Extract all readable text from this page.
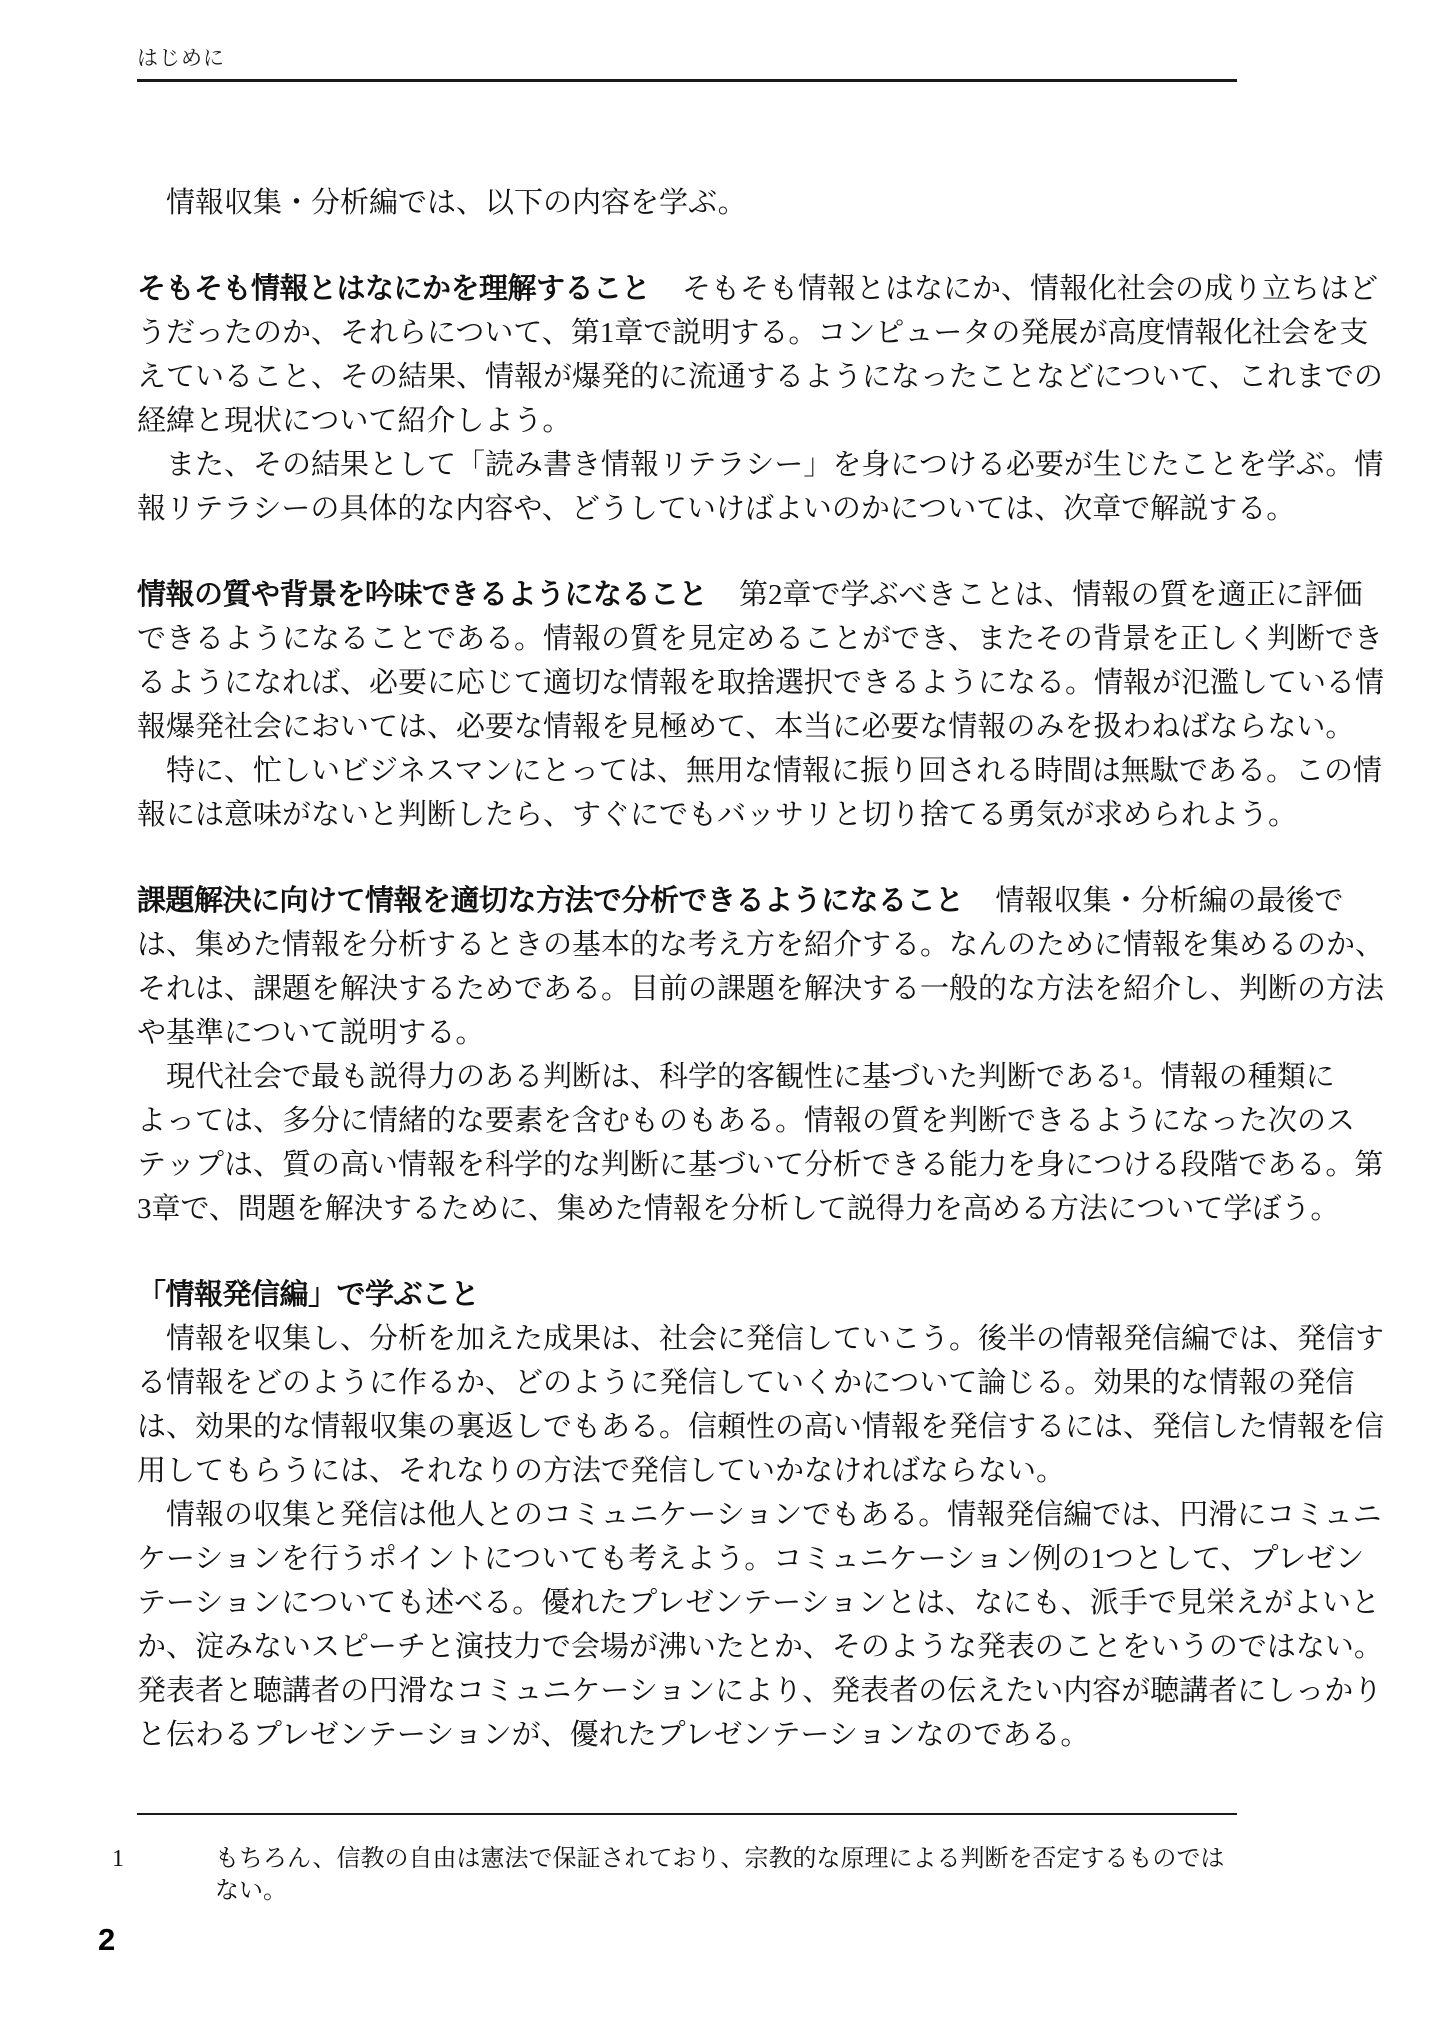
はじめに

　情報収集・分析編では、以下の内容を学ぶ。

そもそも情報とはなにかを理解すること そもそも情報とはなにか、情報化社会の成り立ちはど
うだったのか、それらについて、第1章で説明する。コンピュータの発展が高度情報化社会を支
えていること、その結果、情報が爆発的に流通するようになったことなどについて、これまでの
経緯と現状について紹介しよう。
　また、その結果として「読み書き情報リテラシー」を身につける必要が生じたことを学ぶ。情
報リテラシーの具体的な内容や、どうしていけばよいのかについては、次章で解説する。
情報の質や背景を吟味できるようになること 第2章で学ぶべきことは、情報の質を適正に評価
できるようになることである。情報の質を見定めることができ、またその背景を正しく判断でき
るようになれば、必要に応じて適切な情報を取捨選択できるようになる。情報が氾濫している情
報爆発社会においては、必要な情報を見極めて、本当に必要な情報のみを扱わねばならない。
　特に、忙しいビジネスマンにとっては、無用な情報に振り回される時間は無駄である。この情
報には意味がないと判断したら、すぐにでもバッサリと切り捨てる勇気が求められよう。
課題解決に向けて情報を適切な方法で分析できるようになること 情報収集・分析編の最後で
は、集めた情報を分析するときの基本的な考え方を紹介する。なんのために情報を集めるのか、
それは、課題を解決するためである。目前の課題を解決する一般的な方法を紹介し、判断の方法
や基準について説明する。
　現代社会で最も説得力のある判断は、科学的客観性に基づいた判断である¹。情報の種類に
よっては、多分に情緒的な要素を含むものもある。情報の質を判断できるようになった次のス
テップは、質の高い情報を科学的な判断に基づいて分析できる能力を身につける段階である。第
3章で、問題を解決するために、集めた情報を分析して説得力を高める方法について学ぼう。
「情報発信編」で学ぶこと
　情報を収集し、分析を加えた成果は、社会に発信していこう。後半の情報発信編では、発信す
る情報をどのように作るか、どのように発信していくかについて論じる。効果的な情報の発信
は、効果的な情報収集の裏返しでもある。信頼性の高い情報を発信するには、発信した情報を信
用してもらうには、それなりの方法で発信していかなければならない。
　情報の収集と発信は他人とのコミュニケーションでもある。情報発信編では、円滑にコミュニ
ケーションを行うポイントについても考えよう。コミュニケーション例の1つとして、プレゼン
テーションについても述べる。優れたプレゼンテーションとは、なにも、派手で見栄えがよいと
か、淀みないスピーチと演技力で会場が沸いたとか、そのような発表のことをいうのではない。
発表者と聴講者の円滑なコミュニケーションにより、発表者の伝えたい内容が聴講者にしっかり
と伝わるプレゼンテーションが、優れたプレゼンテーションなのである。
1	もちろん、信教の自由は憲法で保証されており、宗教的な原理による判断を否定するものではない。
2
